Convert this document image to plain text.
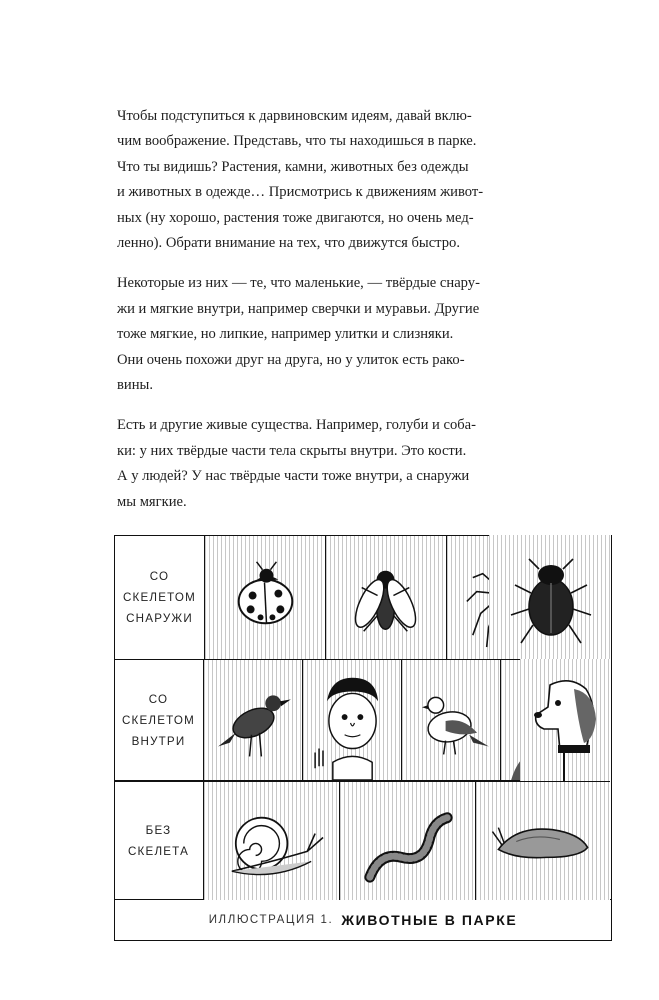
Чтобы подступиться к дарвиновским идеям, давай вклю-
чим воображение. Представь, что ты находишься в парке.
Что ты видишь? Растения, камни, животных без одежды
и животных в одежде… Присмотрись к движениям живот-
ных (ну хорошо, растения тоже двигаются, но очень мед-
ленно). Обрати внимание на тех, что движутся быстро.

Некоторые из них — те, что маленькие, — твёрдые снару-
жи и мягкие внутри, например сверчки и муравьи. Другие
тоже мягкие, но липкие, например улитки и слизняки.
Они очень похожи друг на друга, но у улиток есть рако-
вины.

Есть и другие живые существа. Например, голуби и соба-
ки: у них твёрдые части тела скрыты внутри. Это кости.
А у людей? У нас твёрдые части тоже внутри, а снаружи
мы мягкие.

СО СКЕЛЕТОМ
СНАРУЖИ
ИЛЛЮСТРАЦИЯ 1. ЖИВОТНЫЕ В ПАРКЕ
СО СКЕЛЕТОМ
ВНУТРИ
БЕЗ СКЕЛЕТА
